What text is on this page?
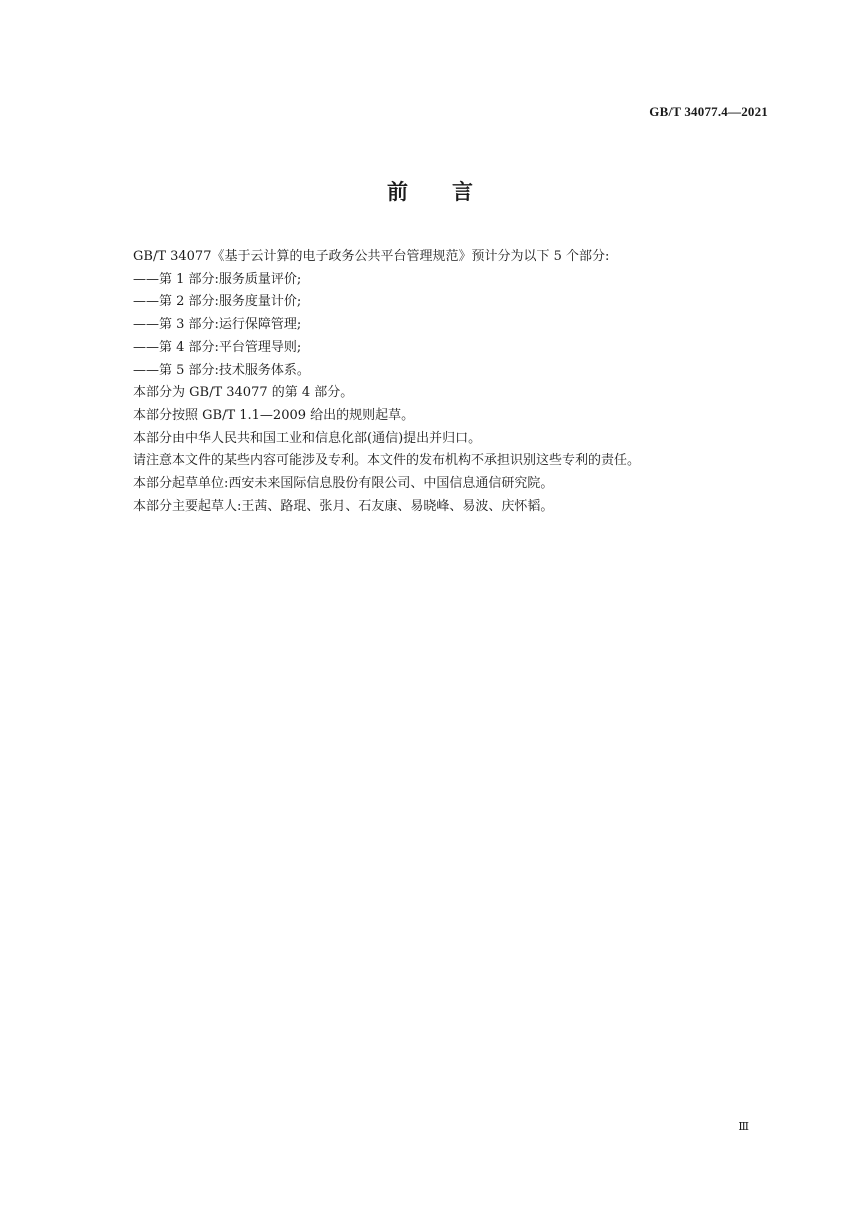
GB/T 34077.4—2021
前言
GB/T 34077《基于云计算的电子政务公共平台管理规范》预计分为以下 5 个部分:
——第 1 部分:服务质量评价;
——第 2 部分:服务度量计价;
——第 3 部分:运行保障管理;
——第 4 部分:平台管理导则;
——第 5 部分:技术服务体系。
本部分为 GB/T 34077 的第 4 部分。
本部分按照 GB/T 1.1—2009 给出的规则起草。
本部分由中华人民共和国工业和信息化部(通信)提出并归口。
请注意本文件的某些内容可能涉及专利。本文件的发布机构不承担识别这些专利的责任。
本部分起草单位:西安未来国际信息股份有限公司、中国信息通信研究院。
本部分主要起草人:王茜、路琨、张月、石友康、易晓峰、易波、庆怀韬。
Ⅲ
